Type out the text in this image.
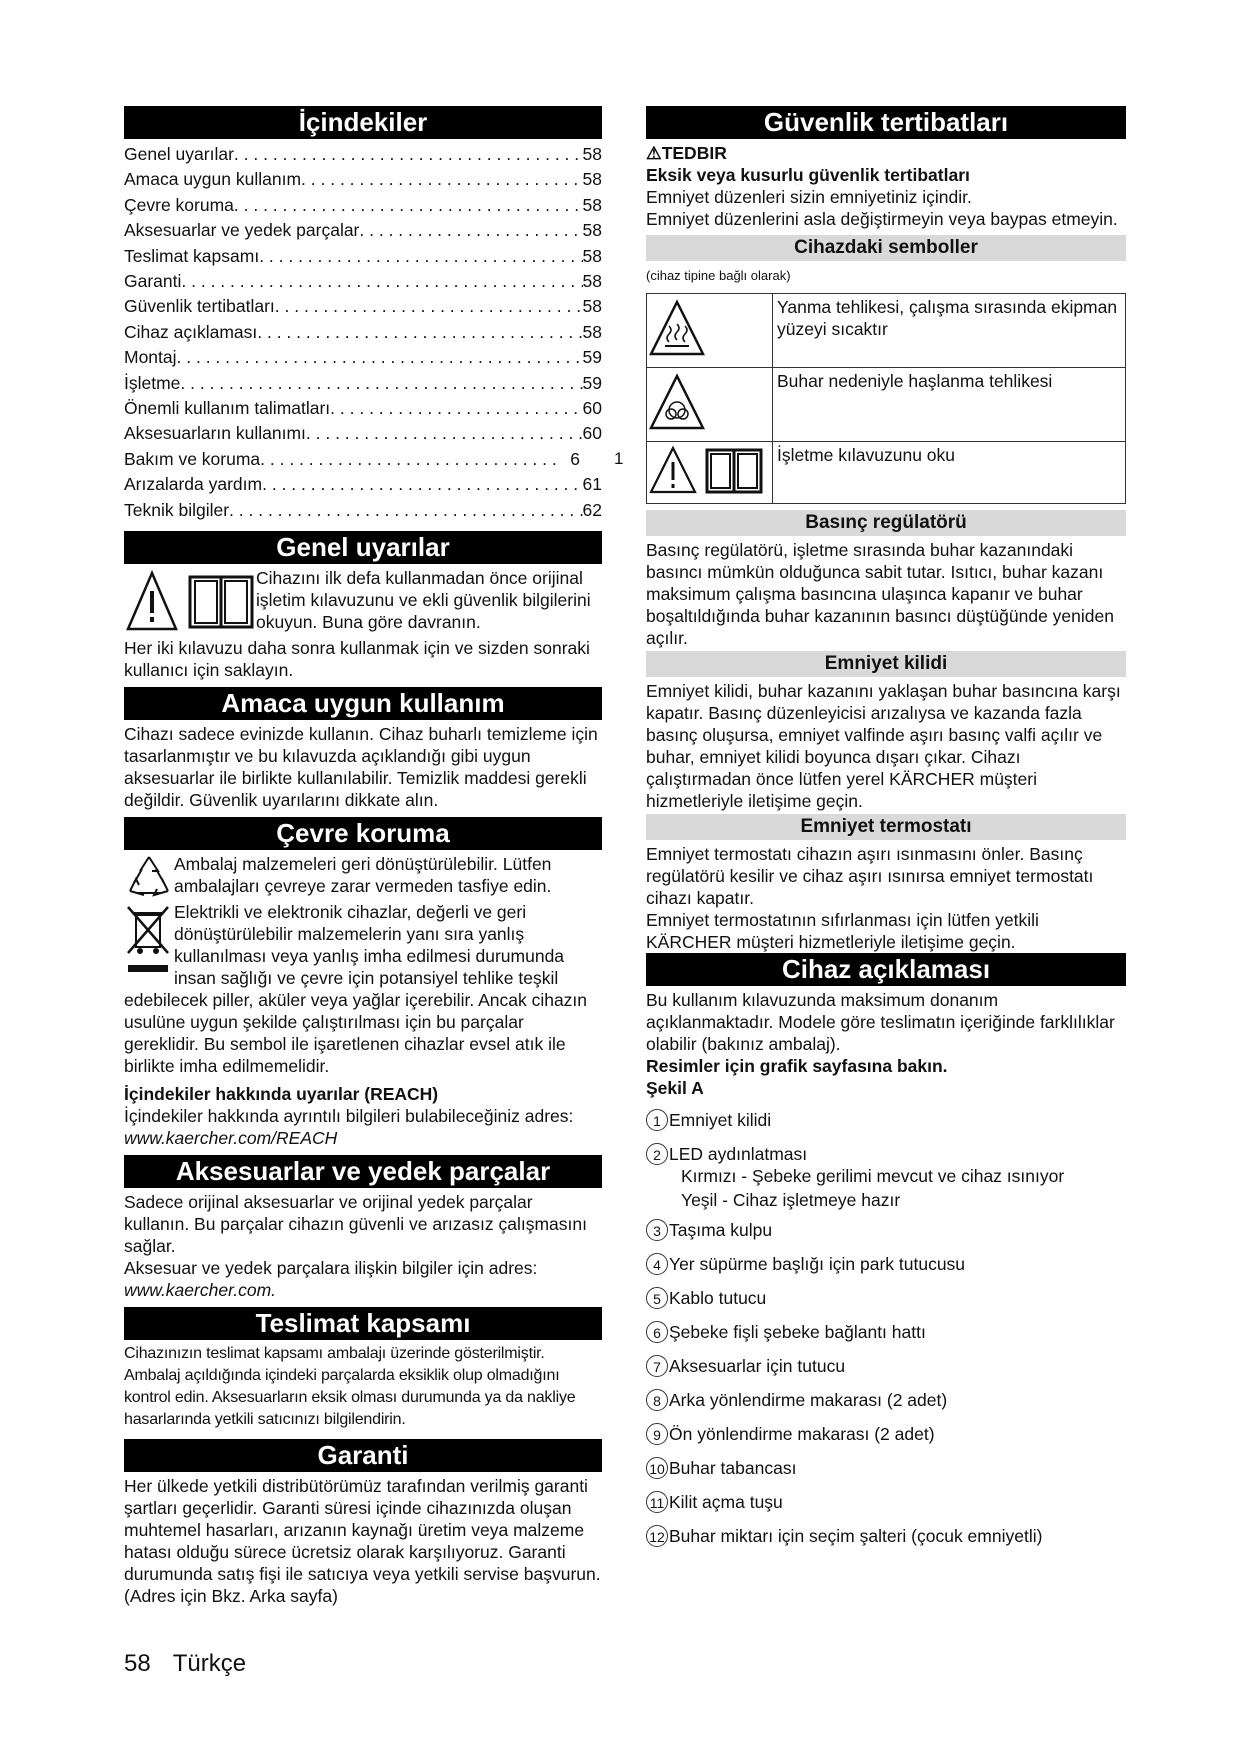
İçindekiler
Genel uyarılar . . .	58
Amaca uygun kullanım . . .	58
Çevre koruma . . .	58
Aksesuarlar ve yedek parçalar . . .	58
Teslimat kapsamı . . .	58
Garanti . . .	58
Güvenlik tertibatları . . .	58
Cihaz açıklaması . . .	58
Montaj . . .	59
İşletme . . .	59
Önemli kullanım talimatları . . .	60
Aksesuarların kullanımı . . .	60
Bakım ve koruma . . .	6
Arızalarda yardım . . .	61
Teknik bilgiler . . .	62
Genel uyarılar

Cihazını ilk defa kullanmadan önce orijinal işletim kılavuzunu ve ekli güvenlik bilgilerini okuyun. Buna göre davranın.

Her iki kılavuzu daha sonra kullanmak için ve sizden sonraki kullanıcı için saklayın.

Amaca uygun kullanım

Cihazı sadece evinizde kullanın. Cihaz buharlı temizleme için tasarlanmıştır ve bu kılavuzda açıklandığı gibi uygun aksesuarlar ile birlikte kullanılabilir. Temizlik maddesi gerekli değildir. Güvenlik uyarılarını dikkate alın.

Çevre koruma

Ambalaj malzemeleri geri dönüştürülebilir. Lütfen ambalajları çevreye zarar vermeden tasfiye edin.

Elektrikli ve elektronik cihazlar, değerli ve geri dönüştürülebilir malzemelerin yanı sıra yanlış kullanılması veya yanlış imha edilmesi durumunda insan sağlığı ve çevre için potansiyel tehlike teşkil edebilecek piller, aküler veya yağlar içerebilir. Ancak cihazın usulüne uygun şekilde çalıştırılması için bu parçalar gereklidir. Bu sembol ile işaretlenen cihazlar evsel atık ile birlikte imha edilmemelidir.

İçindekiler hakkında uyarılar (REACH)

İçindekiler hakkında ayrıntılı bilgileri bulabileceğiniz adres: www.kaercher.com/REACH

Aksesuarlar ve yedek parçalar

Sadece orijinal aksesuarlar ve orijinal yedek parçalar kullanın. Bu parçalar cihazın güvenli ve arızasız çalışmasını sağlar.

Aksesuar ve yedek parçalara ilişkin bilgiler için adres:

www.kaercher.com.

Teslimat kapsamı

Cihazınızın teslimat kapsamı ambalajı üzerinde gösterilmiştir. Ambalaj açıldığında içindeki parçalarda eksiklik olup olmadığını kontrol edin. Aksesuarların eksik olması durumunda ya da nakliye hasarlarında yetkili satıcınızı bilgilendirin.

Garanti

Her ülkede yetkili distribütörümüz tarafından verilmiş garanti şartları geçerlidir. Garanti süresi içinde cihazınızda oluşan muhtemel hasarları, arızanın kaynağı üretim veya malzeme hatası olduğu sürece ücretsiz olarak karşılıyoruz. Garanti durumunda satış fişi ile satıcıya veya yetkili servise başvurun.

(Adres için Bkz. Arka sayfa)

1
Güvenlik tertibatları

⚠TEDBIR

Eksik veya kusurlu güvenlik tertibatları

Emniyet düzenleri sizin emniyetiniz içindir.

Emniyet düzenlerini asla değiştirmeyin veya baypas etmeyin.

Cihazdaki semboller

(cihaz tipine bağlı olarak)

	Yanma tehlikesi, çalışma sırasında ekipman yüzeyi sıcaktır
	Buhar nedeniyle haşlanma tehlikesi
	İşletme kılavuzunu oku
Basınç regülatörü

Basınç regülatörü, işletme sırasında buhar kazanındaki basıncı mümkün olduğunca sabit tutar. Isıtıcı, buhar kazanı maksimum çalışma basıncına ulaşınca kapanır ve buhar boşaltıldığında buhar kazanının basıncı düştüğünde yeniden açılır.

Emniyet kilidi

Emniyet kilidi, buhar kazanını yaklaşan buhar basıncına karşı kapatır. Basınç düzenleyicisi arızalıysa ve kazanda fazla basınç oluşursa, emniyet valfinde aşırı basınç valfi açılır ve buhar, emniyet kilidi boyunca dışarı çıkar. Cihazı çalıştırmadan önce lütfen yerel KÄRCHER müşteri hizmetleriyle iletişime geçin.

Emniyet termostatı

Emniyet termostatı cihazın aşırı ısınmasını önler. Basınç regülatörü kesilir ve cihaz aşırı ısınırsa emniyet termostatı cihazı kapatır.

Emniyet termostatının sıfırlanması için lütfen yetkili KÄRCHER müşteri hizmetleriyle iletişime geçin.

Cihaz açıklaması

Bu kullanım kılavuzunda maksimum donanım açıklanmaktadır. Modele göre teslimatın içeriğinde farklılıklar olabilir (bakınız ambalaj).

Resimler için grafik sayfasına bakın.

Şekil A

1 Emniyet kilidi
2 LED aydınlatması
Kırmızı - Şebeke gerilimi mevcut ve cihaz ısınıyor
Yeşil - Cihaz işletmeye hazır
3 Taşıma kulpu
4 Yer süpürme başlığı için park tutucusu
5 Kablo tutucu
6 Şebeke fişli şebeke bağlantı hattı
7 Aksesuarlar için tutucu
8 Arka yönlendirme makarası (2 adet)
9 Ön yönlendirme makarası (2 adet)
10 Buhar tabancası
11 Kilit açma tuşu
12 Buhar miktarı için seçim şalteri (çocuk emniyetli)
58 Türkçe
